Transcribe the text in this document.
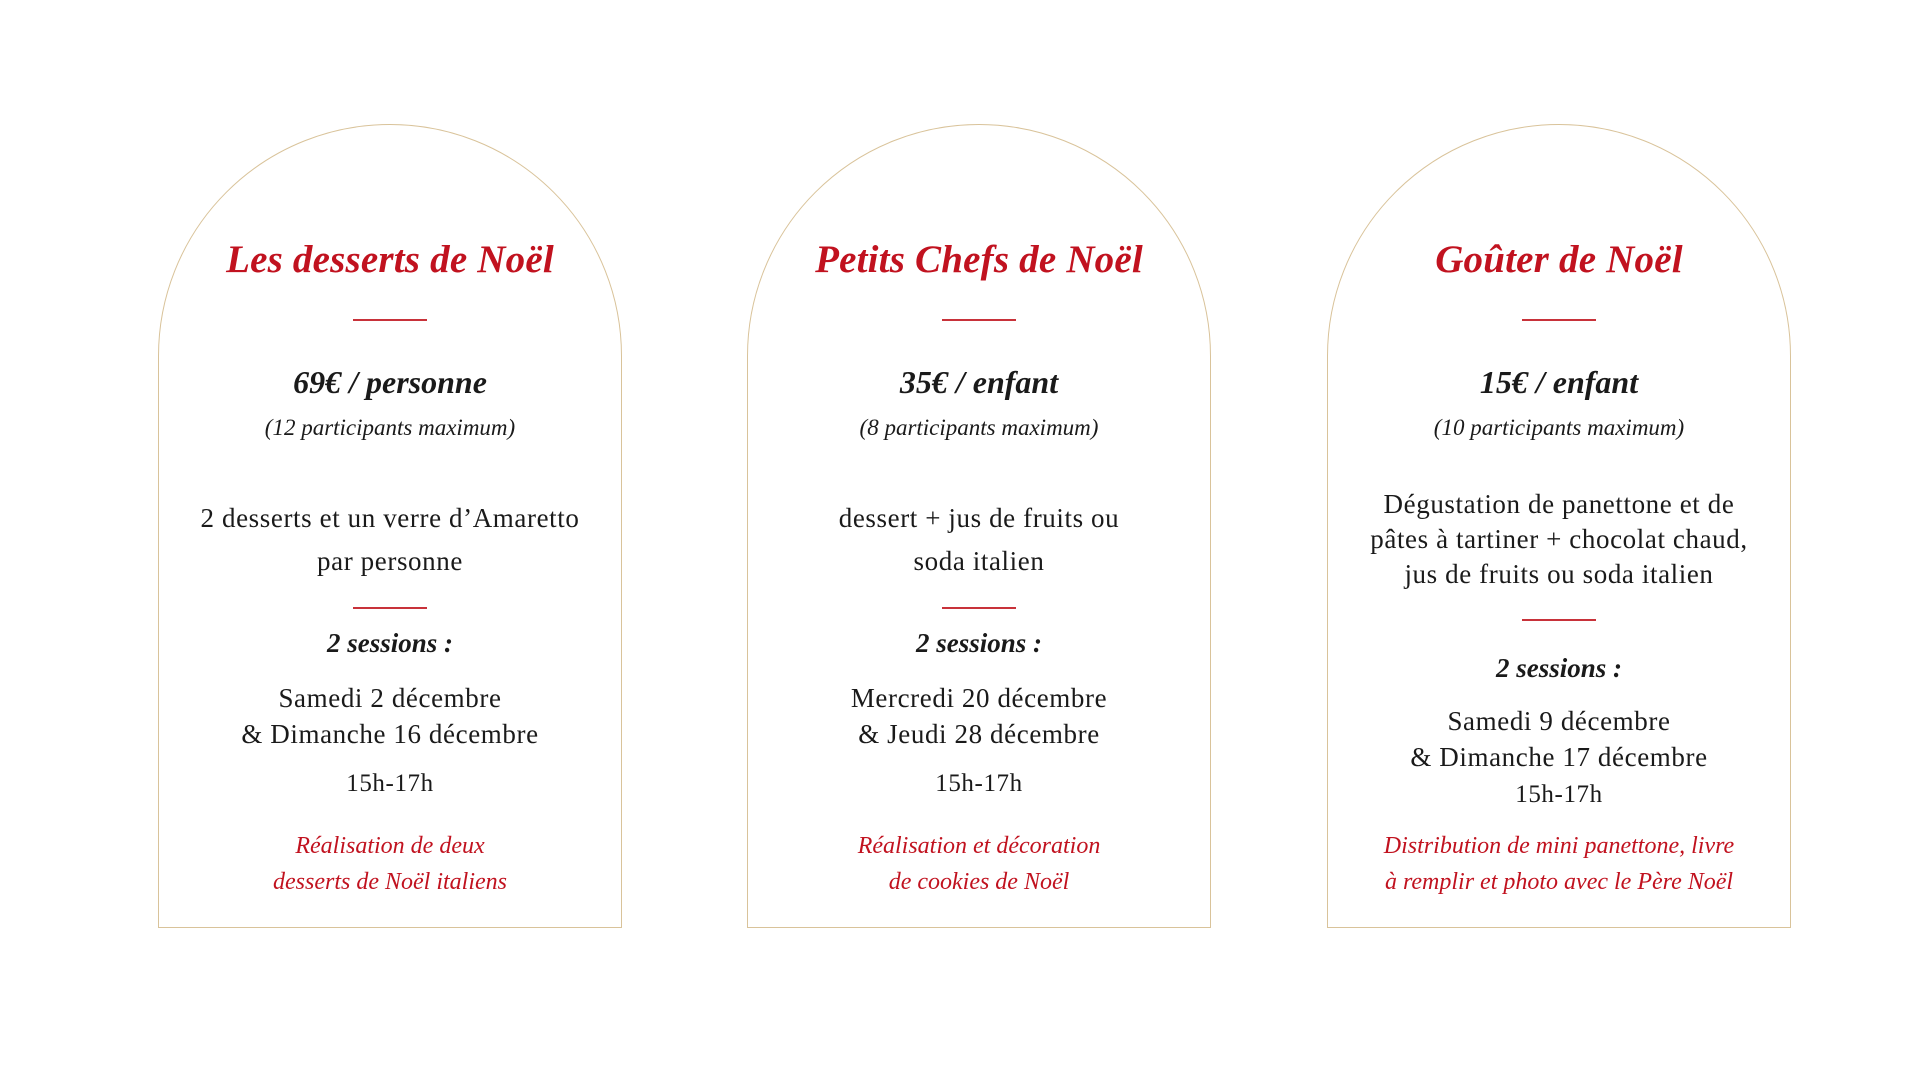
Les desserts de Noël
69€ / personne
(12 participants maximum)
2 desserts et un verre d’Amaretto
par personne
2 sessions :
Samedi 2 décembre
& Dimanche 16 décembre
15h-17h
Réalisation de deux
desserts de Noël italiens
Petits Chefs de Noël
35€ / enfant
(8 participants maximum)
dessert + jus de fruits ou
soda italien
2 sessions :
Mercredi 20 décembre
& Jeudi 28 décembre
15h-17h
Réalisation et décoration
de cookies de Noël
Goûter de Noël
15€ / enfant
(10 participants maximum)
Dégustation de panettone et de
pâtes à tartiner + chocolat chaud,
jus de fruits ou soda italien
2 sessions :
Samedi 9 décembre
& Dimanche 17 décembre
15h-17h
Distribution de mini panettone, livre
à remplir et photo avec le Père Noël
